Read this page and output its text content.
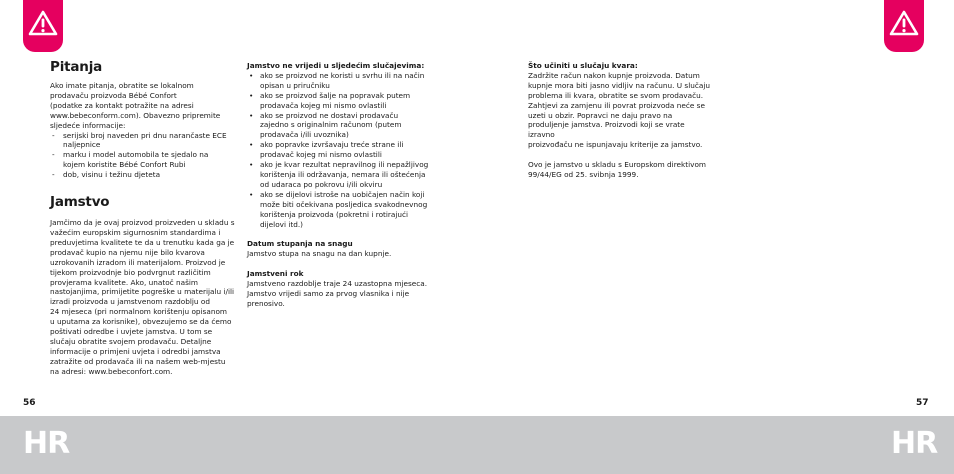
Pitanja

Ako imate pitanja, obratite se lokalnom
prodavaču proizvoda Bébé Confort
(podatke za kontakt potražite na adresi
www.bebeconform.com). Obavezno pripremite
sljedeće informacije:

- serijski broj naveden pri dnu narančaste ECE
naljepnice
- marku i model automobila te sjedalo na
kojem koristite Bébé Confort Rubi
- dob, visinu i težinu djeteta
Jamstvo

Jamčimo da je ovaj proizvod proizveden u skladu s
važećim europskim sigurnosnim standardima i
preduvjetima kvalitete te da u trenutku kada ga je
prodavač kupio na njemu nije bilo kvarova
uzrokovanih izradom ili materijalom. Proizvod je
tijekom proizvodnje bio podvrgnut različitim
provjerama kvalitete. Ako, unatoč našim
nastojanjima, primijetite pogreške u materijalu i/ili
izradi proizvoda u jamstvenom razdoblju od
24 mjeseca (pri normalnom korištenju opisanom
u uputama za korisnike), obvezujemo se da ćemo
poštivati odredbe i uvjete jamstva. U tom se
slučaju obratite svojem prodavaču. Detaljne
informacije o primjeni uvjeta i odredbi jamstva
zatražite od prodavača ili na našem web-mjestu
na adresi: www.bebeconfort.com.

Jamstvo ne vrijedi u sljedećim slučajevima:

• ako se proizvod ne koristi u svrhu ili na način
opisan u priručniku
• ako se proizvod šalje na popravak putem
prodavača kojeg mi nismo ovlastili
• ako se proizvod ne dostavi prodavaču
zajedno s originalnim računom (putem
prodavača i/ili uvoznika)
• ako popravke izvršavaju treće strane ili
prodavač kojeg mi nismo ovlastili
• ako je kvar rezultat nepravilnog ili nepažljivog
korištenja ili održavanja, nemara ili oštećenja
od udaraca po pokrovu i/ili okviru
• ako se dijelovi istroše na uobičajen način koji
može biti očekivana posljedica svakodnevnog
korištenja proizvoda (pokretni i rotirajući
dijelovi itd.)

Datum stupanja na snagu

Jamstvo stupa na snagu na dan kupnje.

Jamstveni rok

Jamstveno razdoblje traje 24 uzastopna mjeseca.
Jamstvo vrijedi samo za prvog vlasnika i nije
prenosivo.

Što učiniti u slučaju kvara:

Zadržite račun nakon kupnje proizvoda. Datum
kupnje mora biti jasno vidljiv na računu. U slučaju
problema ili kvara, obratite se svom prodavaču.
Zahtjevi za zamjenu ili povrat proizvoda neće se
uzeti u obzir. Popravci ne daju pravo na
produljenje jamstva. Proizvodi koji se vrate izravno
proizvođaču ne ispunjavaju kriterije za jamstvo.

Ovo je jamstvo u skladu s Europskom direktivom
99/44/EG od 25. svibnja 1999.

56	57
HR	HR
